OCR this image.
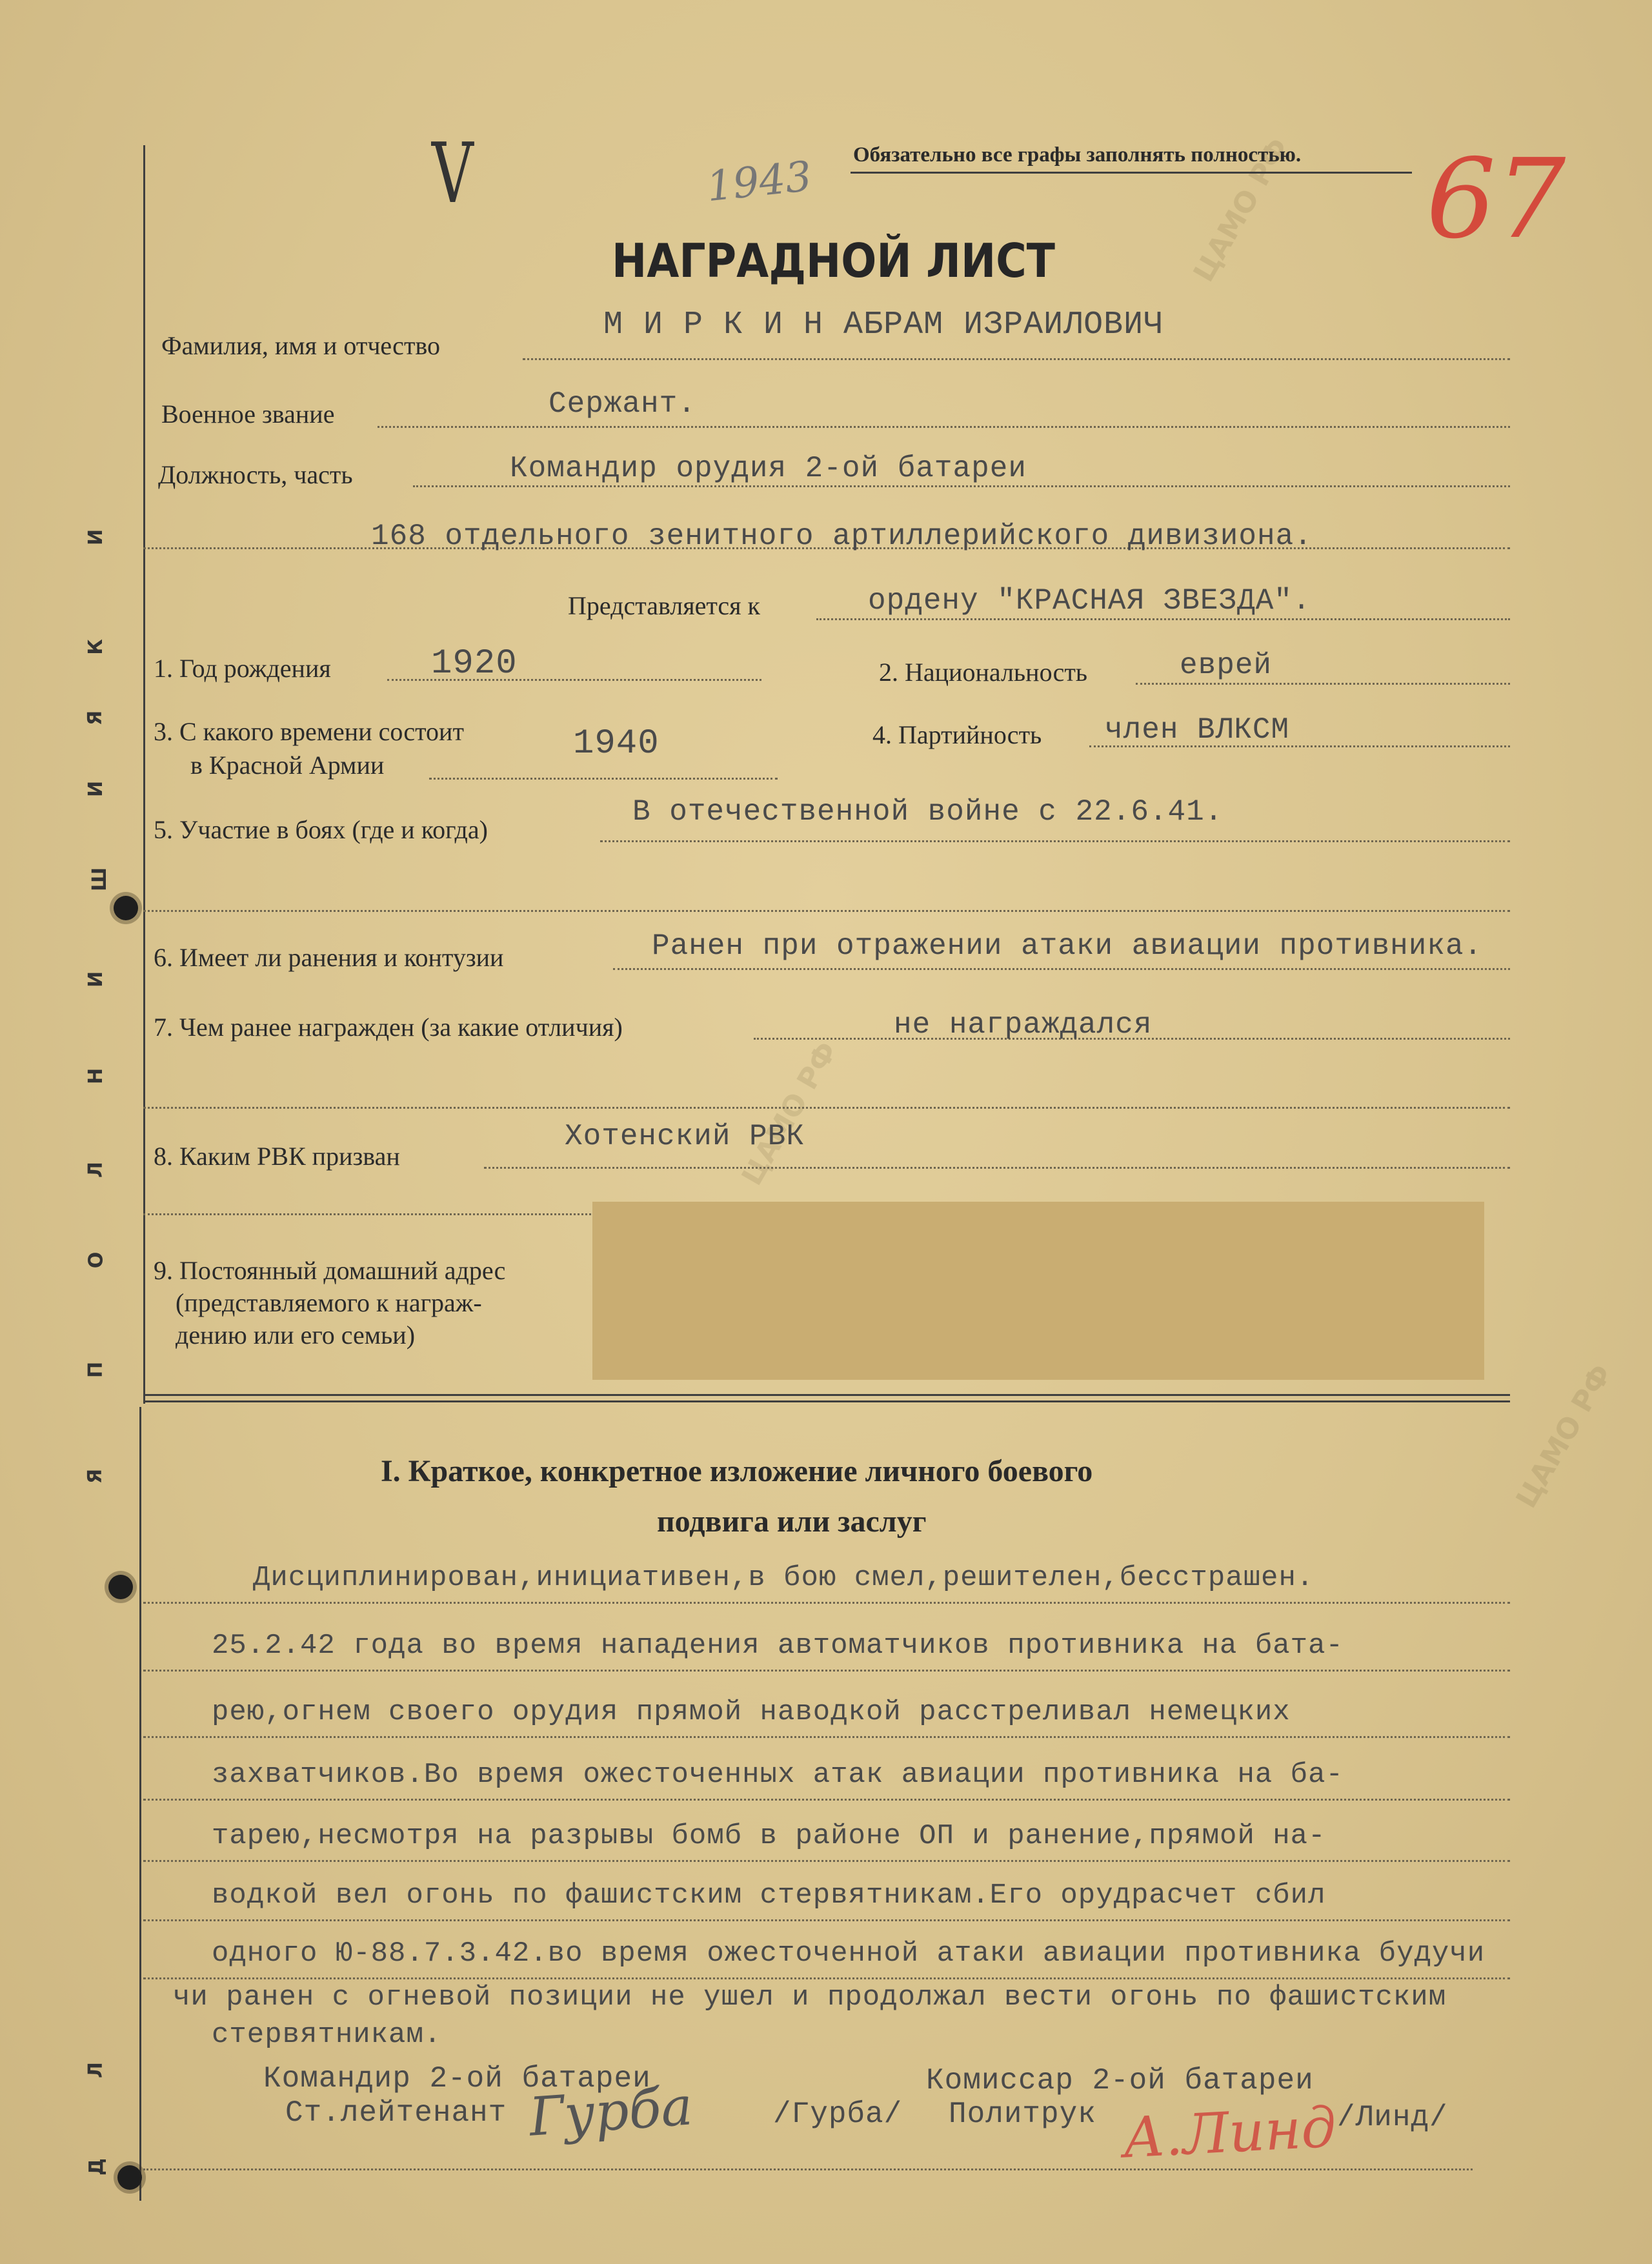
ЦАМО РФ
ЦАМО РФ
ЦАМО РФ
Д
Л
Я
П
О
Л
Н
И
Ш
И
Я
К
И
V	1943 Обязательно все графы заполнять полностью. 67
НАГРАДНОЙ ЛИСТ
Фамилия, имя и отчество
М И Р К И Н АБРАМ ИЗРАИЛОВИЧ
Военное звание	Сержант.
Должность, часть	Командир орудия 2-ой батареи
168 отдельного зенитного артиллерийского дивизиона.
Представляется к	ордену "КРАСНАЯ ЗВЕЗДА".
1. Год рождения	1920	2. Национальность	еврей
3. С какого времени состоит
в Красной Армии
1940	4. Партийность член ВЛКСМ
5. Участие в боях (где и когда)
В отечественной войне с 22.6.41.
6. Имеет ли ранения и контузии	Ранен при отражении атаки авиации противника.
7. Чем ранее награжден (за какие отличия)	не награждался
8. Каким РВК призван
Хотенский РВК
9. Постоянный домашний адрес
(представляемого к награж-
дению или его семьи)
I. Краткое, конкретное изложение личного боевого
подвига или заслуг
Дисциплинирован,инициативен,в бою смел,решителен,бесстрашен.
25.2.42 года во время нападения автоматчиков противника на бата-
рею,огнем своего орудия прямой наводкой расстреливал немецких
захватчиков.Во время ожесточенных атак авиации противника на ба-
тарею,несмотря на разрывы бомб в районе ОП и ранение,прямой на-
водкой вел огонь по фашистским стервятникам.Его орудрасчет сбил
одного Ю-88.7.3.42.во время ожесточенной атаки авиации противника будучи
чи ранен с огневой позиции не ушел и продолжал вести огонь по фашистским
стервятникам.
Командир 2-ой батареи
Ст.лейтенант Гурба	/Гурба/
Комиссар 2-ой батареи
Политрук А.Линд
/Линд/
